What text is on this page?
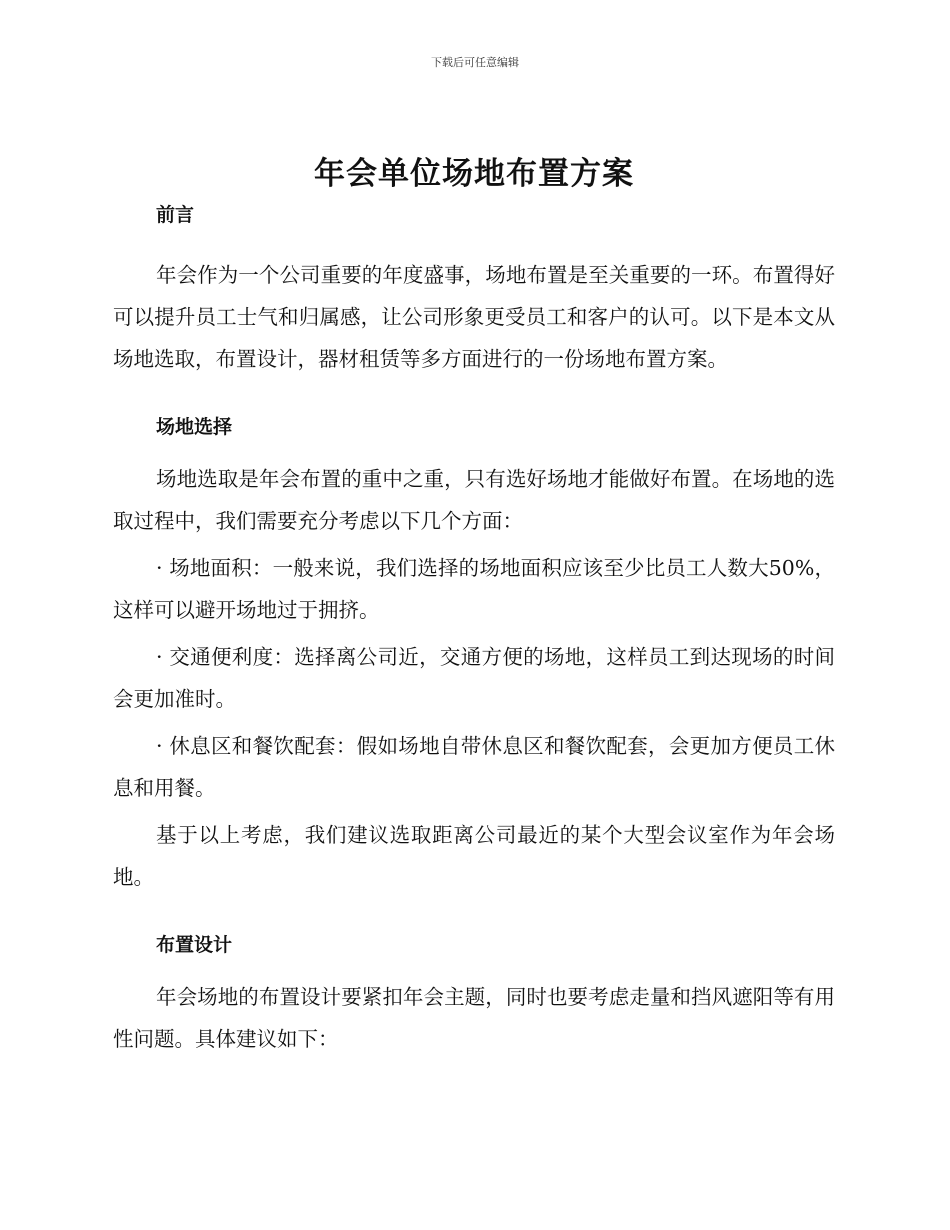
下载后可任意编辑
年会单位场地布置方案
前言

年会作为一个公司重要的年度盛事，场地布置是至关重要的一环。布置得好可以提升员工士气和归属感，让公司形象更受员工和客户的认可。以下是本文从场地选取，布置设计，器材租赁等多方面进行的一份场地布置方案。

场地选择

场地选取是年会布置的重中之重，只有选好场地才能做好布置。在场地的选取过程中，我们需要充分考虑以下几个方面：

· 场地面积：一般来说，我们选择的场地面积应该至少比员工人数大50%，这样可以避开场地过于拥挤。

· 交通便利度：选择离公司近，交通方便的场地，这样员工到达现场的时间会更加准时。

· 休息区和餐饮配套：假如场地自带休息区和餐饮配套，会更加方便员工休息和用餐。

基于以上考虑，我们建议选取距离公司最近的某个大型会议室作为年会场地。

布置设计

年会场地的布置设计要紧扣年会主题，同时也要考虑走量和挡风遮阳等有用性问题。具体建议如下：
